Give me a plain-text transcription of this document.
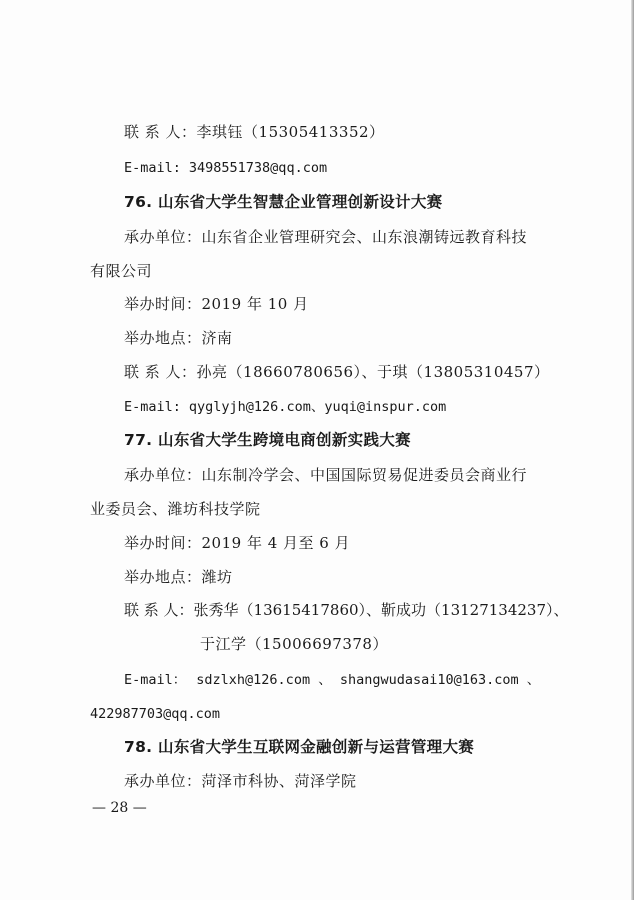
联 系 人：李琪钰（15305413352）
E-mail: 3498551738@qq.com
76. 山东省大学生智慧企业管理创新设计大赛
承办单位：山东省企业管理研究会、山东浪潮铸远教育科技
有限公司
举办时间：2019 年 10 月
举办地点：济南
联 系 人：孙亮（18660780656）、于琪（13805310457）
E-mail: qyglyjh@126.com、yuqi@inspur.com
77. 山东省大学生跨境电商创新实践大赛
承办单位：山东制冷学会、中国国际贸易促进委员会商业行
业委员会、潍坊科技学院
举办时间：2019 年 4 月至 6 月
举办地点：潍坊
联 系 人：张秀华（13615417860）、靳成功（13127134237）、
于江学（15006697378）
E-mail： sdzlxh@126.com 、 shangwudasai10@163.com 、
422987703@qq.com
78. 山东省大学生互联网金融创新与运营管理大赛
承办单位：菏泽市科协、菏泽学院
— 28 —
